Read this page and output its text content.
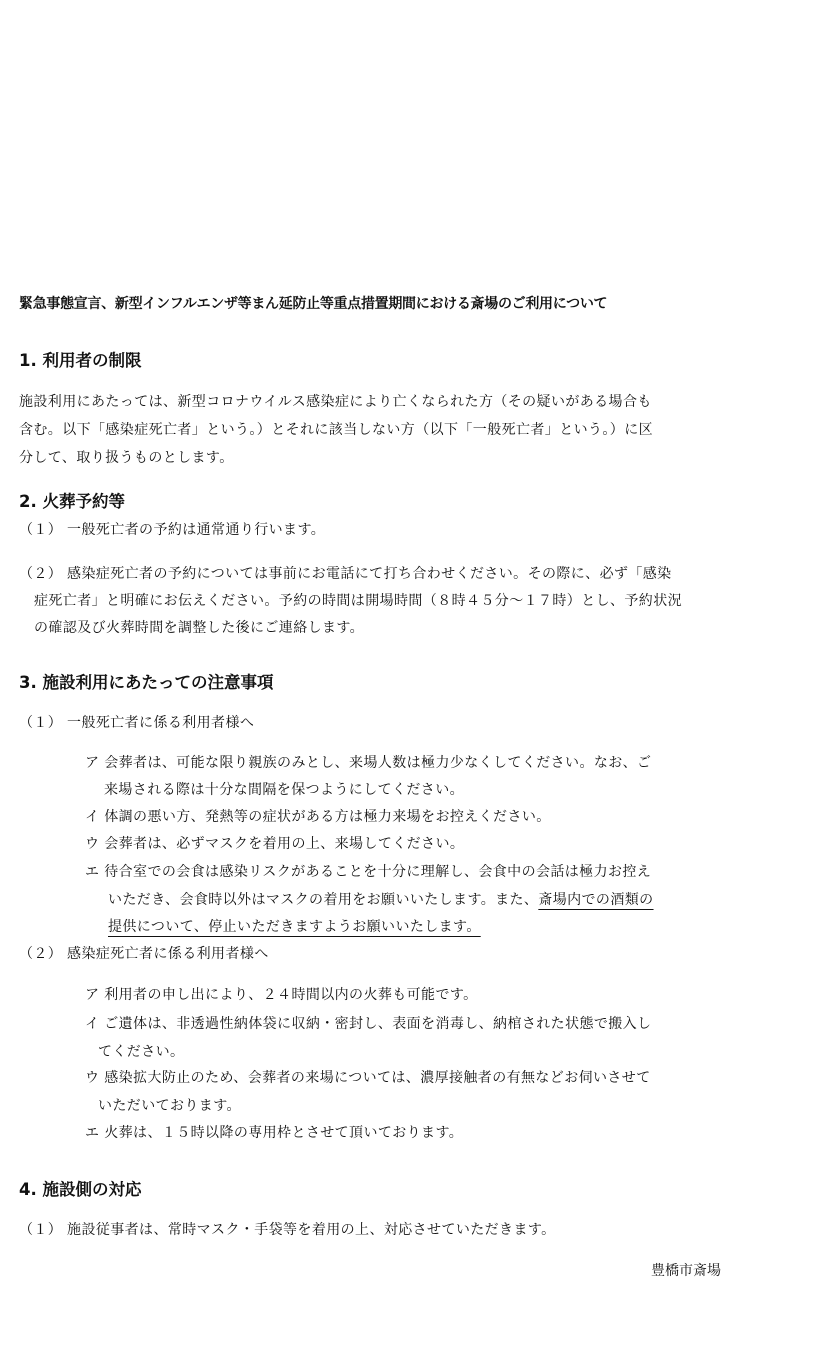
緊急事態宣言、新型インフルエンザ等まん延防止等重点措置期間における斎場のご利用について
1. 利用者の制限
施設利用にあたっては、新型コロナウイルス感染症により亡くなられた方（その疑いがある場合も
含む。以下「感染症死亡者」という。）とそれに該当しない方（以下「一般死亡者」という。）に区
分して、取り扱うものとします。
2. 火葬予約等
（１） 一般死亡者の予約は通常通り行います。
（２） 感染症死亡者の予約については事前にお電話にて打ち合わせください。その際に、必ず「感染
症死亡者」と明確にお伝えください。予約の時間は開場時間（８時４５分～１７時）とし、予約状況
の確認及び火葬時間を調整した後にご連絡します。
3. 施設利用にあたっての注意事項
（１） 一般死亡者に係る利用者様へ
ア 会葬者は、可能な限り親族のみとし、来場人数は極力少なくしてください。なお、ご
来場される際は十分な間隔を保つようにしてください。
イ 体調の悪い方、発熱等の症状がある方は極力来場をお控えください。
ウ 会葬者は、必ずマスクを着用の上、来場してください。
エ 待合室での会食は感染リスクがあることを十分に理解し、会食中の会話は極力お控え
いただき、会食時以外はマスクの着用をお願いいたします。また、斎場内での酒類の
提供について、停止いただきますようお願いいたします。
（２） 感染症死亡者に係る利用者様へ
ア 利用者の申し出により、２４時間以内の火葬も可能です。
イ ご遺体は、非透過性納体袋に収納・密封し、表面を消毒し、納棺された状態で搬入し
てください。
ウ 感染拡大防止のため、会葬者の来場については、濃厚接触者の有無などお伺いさせて
いただいております。
エ 火葬は、１５時以降の専用枠とさせて頂いております。
4. 施設側の対応
（１） 施設従事者は、常時マスク・手袋等を着用の上、対応させていただきます。
豊橋市斎場
